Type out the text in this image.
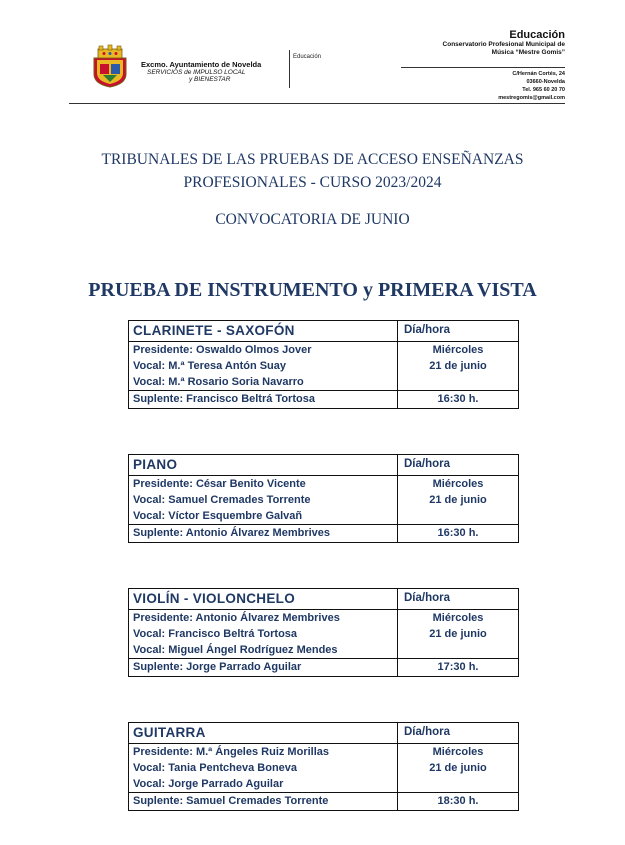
Excmo. Ayuntamiento de Novelda
SERVICIOS de IMPULSO LOCAL
y BIENESTAR
Educación
Educación
Conservatorio Profesional Municipal de
Música “Mestre Gomis”
C/Hernán Cortés, 24
03660-Novelda
Tel. 965 60 20 70
mestregomis@gmail.com
TRIBUNALES DE LAS PRUEBAS DE ACCESO ENSEÑANZAS
PROFESIONALES - CURSO 2023/2024
CONVOCATORIA DE JUNIO
PRUEBA DE INSTRUMENTO y PRIMERA VISTA
CLARINETE - SAXOFÓN	Día/hora
Presidente: Oswaldo Olmos Jover	Miércoles
Vocal: M.ª Teresa Antón Suay	21 de junio
Vocal: M.ª Rosario Soria Navarro
Suplente: Francisco Beltrá Tortosa	16:30 h.
PIANO	Día/hora
Presidente: César Benito Vicente	Miércoles
Vocal: Samuel Cremades Torrente	21 de junio
Vocal: Víctor Esquembre Galvañ
Suplente: Antonio Álvarez Membrives	16:30 h.
VIOLÍN - VIOLONCHELO	Día/hora
Presidente: Antonio Álvarez Membrives	Miércoles
Vocal: Francisco Beltrá Tortosa	21 de junio
Vocal: Miguel Ángel Rodríguez Mendes
Suplente: Jorge Parrado Aguilar	17:30 h.
GUITARRA	Día/hora
Presidente: M.ª Ángeles Ruiz Morillas	Miércoles
Vocal: Tania Pentcheva Boneva	21 de junio
Vocal: Jorge Parrado Aguilar
Suplente: Samuel Cremades Torrente	18:30 h.
